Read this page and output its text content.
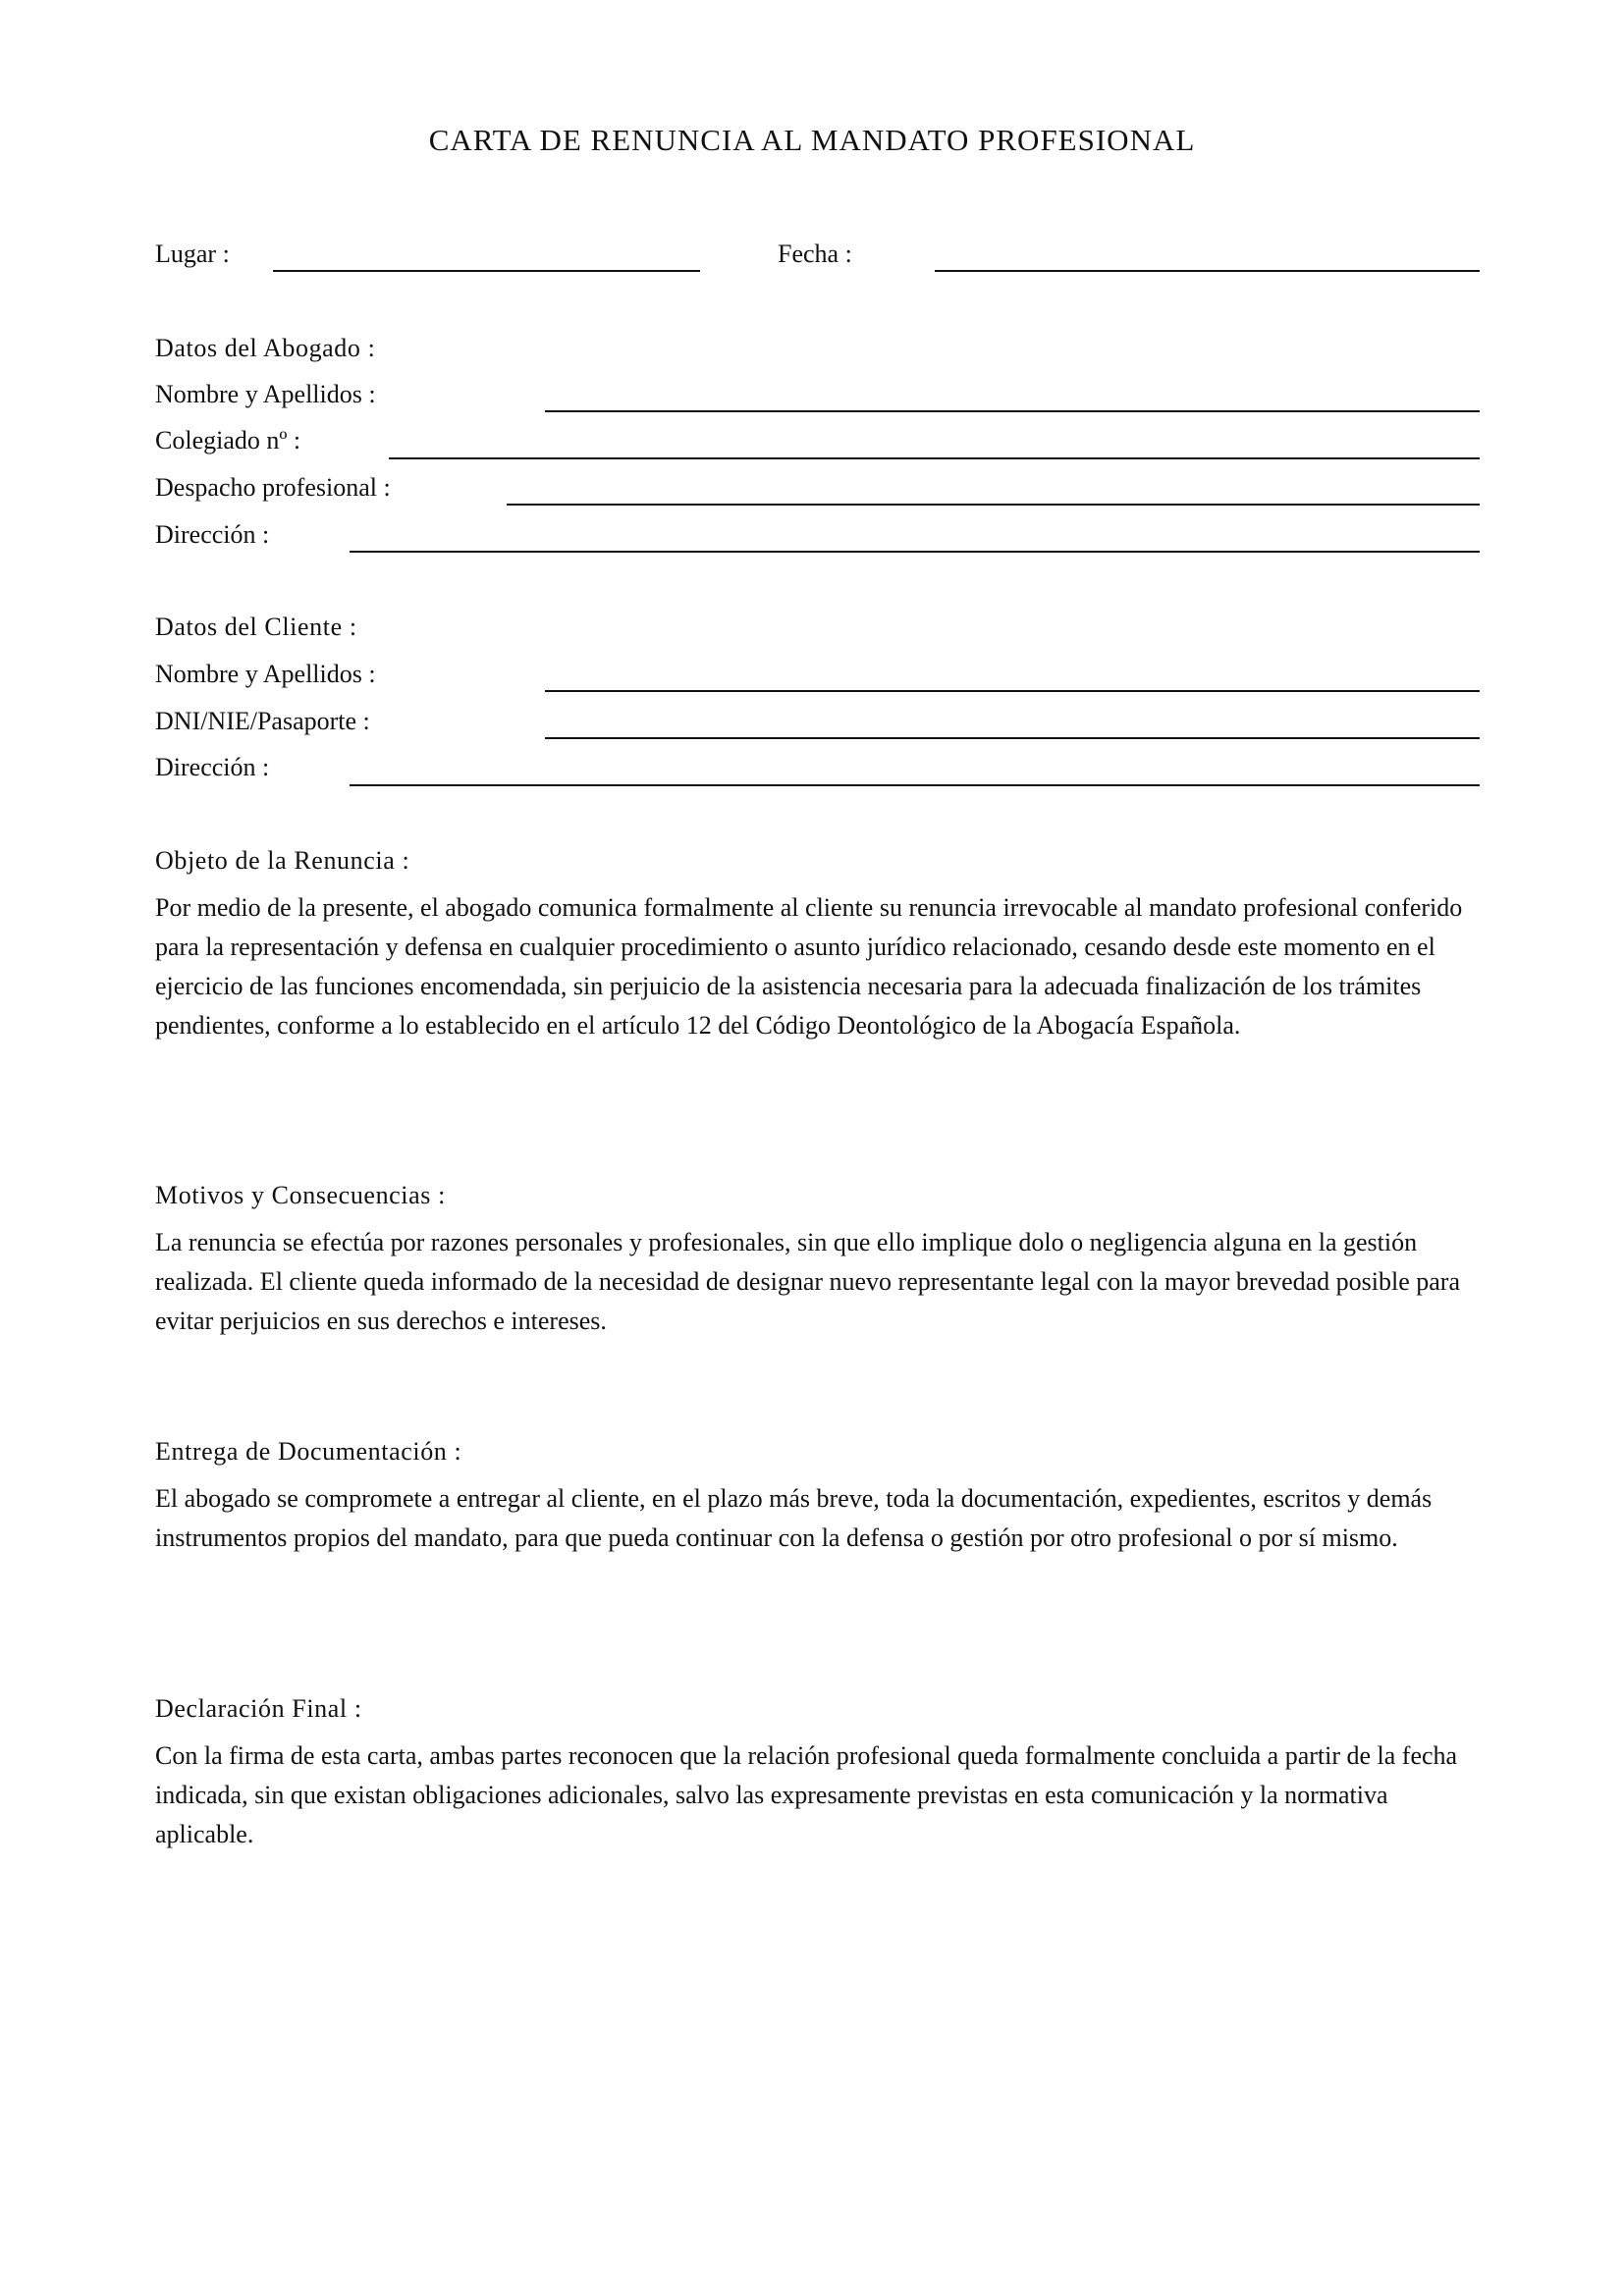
CARTA DE RENUNCIA AL MANDATO PROFESIONAL
Lugar :	Fecha :
Datos del Abogado :
Nombre y Apellidos :
Colegiado nº :
Despacho profesional :
Dirección :
Datos del Cliente :
Nombre y Apellidos :
DNI/NIE/Pasaporte :
Dirección :
Objeto de la Renuncia :

Por medio de la presente, el abogado comunica formalmente al cliente su renuncia irrevocable al mandato profesional conferido para la representación y defensa en cualquier procedimiento o asunto jurídico relacionado, cesando desde este momento en el ejercicio de las funciones encomendada, sin perjuicio de la asistencia necesaria para la adecuada finalización de los trámites pendientes, conforme a lo establecido en el artículo 12 del Código Deontológico de la Abogacía Española.

Motivos y Consecuencias :

La renuncia se efectúa por razones personales y profesionales, sin que ello implique dolo o negligencia alguna en la gestión realizada. El cliente queda informado de la necesidad de designar nuevo representante legal con la mayor brevedad posible para evitar perjuicios en sus derechos e intereses.

Entrega de Documentación :

El abogado se compromete a entregar al cliente, en el plazo más breve, toda la documentación, expedientes, escritos y demás instrumentos propios del mandato, para que pueda continuar con la defensa o gestión por otro profesional o por sí mismo.

Declaración Final :

Con la firma de esta carta, ambas partes reconocen que la relación profesional queda formalmente concluida a partir de la fecha indicada, sin que existan obligaciones adicionales, salvo las expresamente previstas en esta comunicación y la normativa aplicable.
